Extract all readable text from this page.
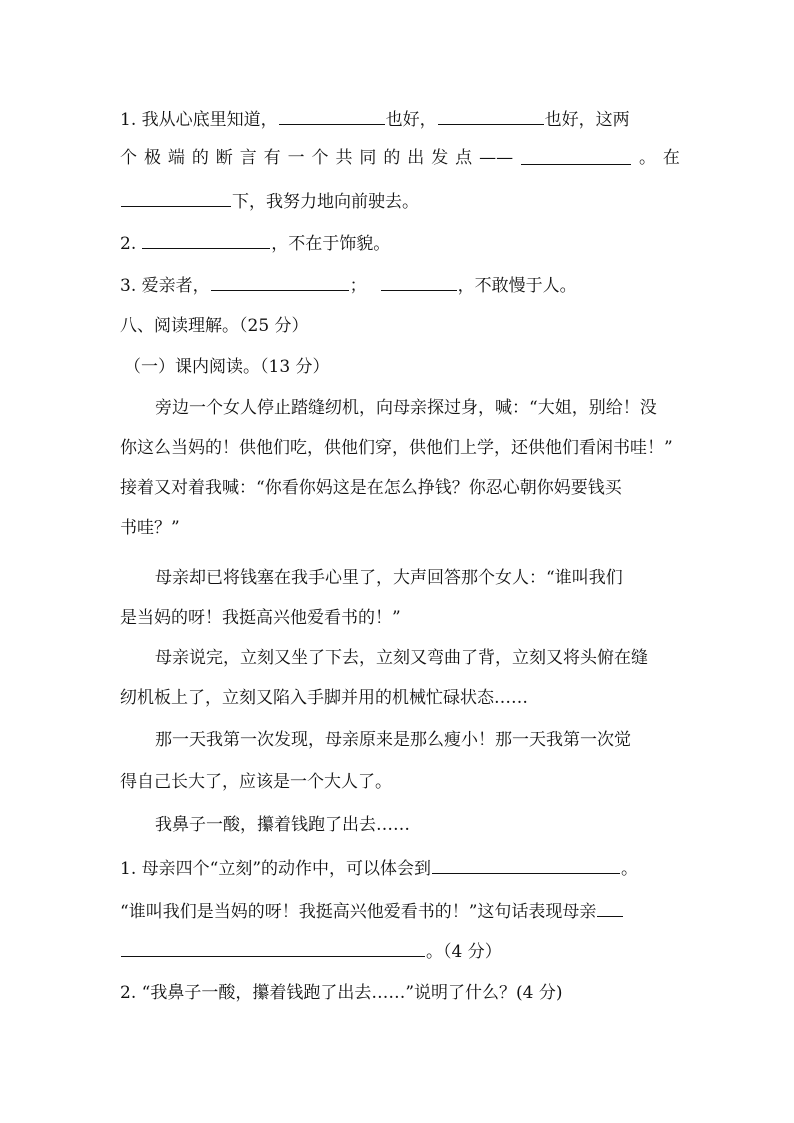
1. 我从心底里知道，	也好，	也好，这两
个 极 端 的 断 言 有 一 个 共 同 的 出 发 点 ——	。 在
下，我努力地向前驶去。
2.	，不在于饰貌。
3. 爱亲者，	；	，不敢慢于人。
八、阅读理解。（25 分）
（一）课内阅读。（13 分）
旁边一个女人停止踏缝纫机，向母亲探过身，喊：“大姐，别给！没
你这么当妈的！供他们吃，供他们穿，供他们上学，还供他们看闲书哇！”
接着又对着我喊：“你看你妈这是在怎么挣钱？你忍心朝你妈要钱买
书哇？”
母亲却已将钱塞在我手心里了，大声回答那个女人：“谁叫我们
是当妈的呀！我挺高兴他爱看书的！”
母亲说完，立刻又坐了下去，立刻又弯曲了背，立刻又将头俯在缝
纫机板上了，立刻又陷入手脚并用的机械忙碌状态……
那一天我第一次发现，母亲原来是那么瘦小！那一天我第一次觉
得自己长大了，应该是一个大人了。
我鼻子一酸，攥着钱跑了出去……
1. 母亲四个“立刻”的动作中，可以体会到	。
“谁叫我们是当妈的呀！我挺高兴他爱看书的！”这句话表现母亲
。（4 分）
2. “我鼻子一酸，攥着钱跑了出去……”说明了什么？(4 分)
